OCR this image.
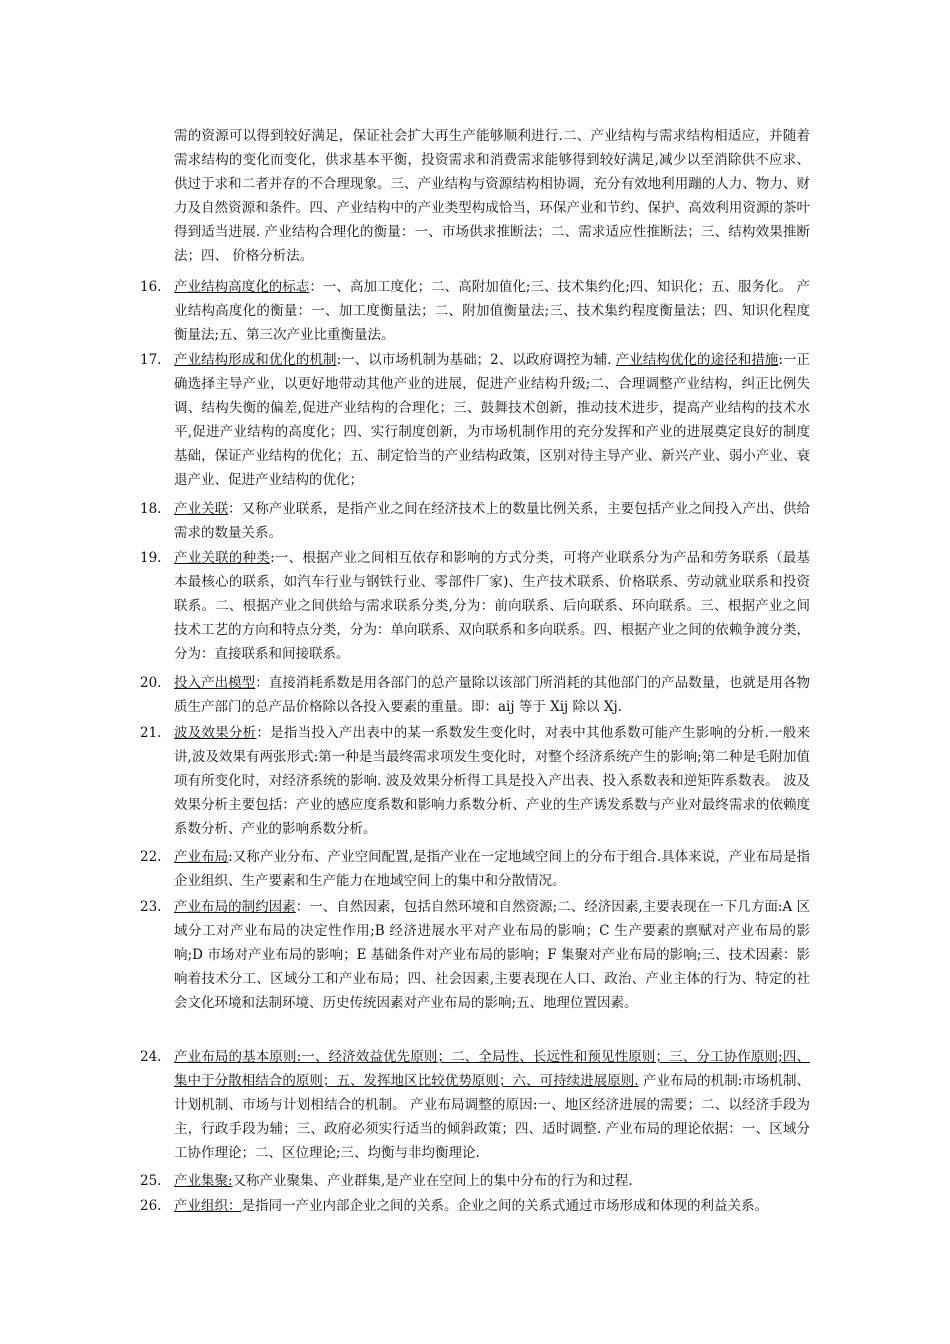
需的资源可以得到较好满足，保证社会扩大再生产能够顺利进行.二、产业结构与需求结构相适应，并随着需求结构的变化而变化，供求基本平衡，投资需求和消费需求能够得到较好满足,减少以至消除供不应求、供过于求和二者并存的不合理现象。三、产业结构与资源结构相协调，充分有效地利用蹦的人力、物力、财力及自然资源和条件。四、产业结构中的产业类型构成恰当，环保产业和节约、保护、高效利用资源的茶叶得到适当进展. 产业结构合理化的衡量：一、市场供求推断法；二、需求适应性推断法；三、结构效果推断法；四、 价格分析法。
16. 产业结构高度化的标志：一、高加工度化；二、高附加值化;三、技术集约化;四、知识化；五、服务化。 产业结构高度化的衡量：一、加工度衡量法；二、附加值衡量法;三、技术集约程度衡量法；四、知识化程度衡量法;五、第三次产业比重衡量法。
17. 产业结构形成和优化的机制:一、以市场机制为基础；2、以政府调控为辅. 产业结构优化的途径和措施:一正确选择主导产业，以更好地带动其他产业的进展，促进产业结构升级;二、合理调整产业结构，纠正比例失调、结构失衡的偏差,促进产业结构的合理化；三、鼓舞技术创新，推动技术进步，提高产业结构的技术水平,促进产业结构的高度化；四、实行制度创新，为市场机制作用的充分发挥和产业的进展奠定良好的制度基础，保证产业结构的优化；五、制定恰当的产业结构政策，区别对待主导产业、新兴产业、弱小产业、衰退产业、促进产业结构的优化；
18. 产业关联：又称产业联系，是指产业之间在经济技术上的数量比例关系，主要包括产业之间投入产出、供给需求的数量关系。
19. 产业关联的种类:一、根据产业之间相互依存和影响的方式分类，可将产业联系分为产品和劳务联系（最基本最核心的联系，如汽车行业与钢铁行业、零部件厂家)、生产技术联系、价格联系、劳动就业联系和投资联系。二、根据产业之间供给与需求联系分类,分为：前向联系、后向联系、环向联系。三、根据产业之间技术工艺的方向和特点分类，分为：单向联系、双向联系和多向联系。四、根据产业之间的依赖争渡分类，分为：直接联系和间接联系。
20. 投入产出模型：直接消耗系数是用各部门的总产量除以该部门所消耗的其他部门的产品数量，也就是用各物质生产部门的总产品价格除以各投入要素的重量。即：aij 等于 Xij 除以 Xj.
21. 波及效果分析：是指当投入产出表中的某一系数发生变化时，对表中其他系数可能产生影响的分析.一般来讲,波及效果有两张形式:第一种是当最终需求项发生变化时，对整个经济系统产生的影响;第二种是毛附加值项有所变化时，对经济系统的影响. 波及效果分析得工具是投入产出表、投入系数表和逆矩阵系数表。 波及效果分析主要包括：产业的感应度系数和影响力系数分析、产业的生产诱发系数与产业对最终需求的依赖度系数分析、产业的影响系数分析。
22. 产业布局:又称产业分布、产业空间配置,是指产业在一定地域空间上的分布于组合.具体来说，产业布局是指企业组织、生产要素和生产能力在地域空间上的集中和分散情况。
23. 产业布局的制约因素：一、自然因素，包括自然环境和自然资源;二、经济因素,主要表现在一下几方面:A 区域分工对产业布局的决定性作用;B 经济进展水平对产业布局的影响；C 生产要素的禀赋对产业布局的影响;D 市场对产业布局的影响；E 基础条件对产业布局的影响；F 集聚对产业布局的影响;三、技术因素：影响着技术分工、区域分工和产业布局；四、社会因素,主要表现在人口、政治、产业主体的行为、特定的社会文化环境和法制环境、历史传统因素对产业布局的影响;五、地理位置因素。
24. 产业布局的基本原则:一、经济效益优先原则；二、全局性、长远性和预见性原则；三、分工协作原则;四、集中于分散相结合的原则；五、发挥地区比较优势原则；六、可持续进展原则. 产业布局的机制:市场机制、计划机制、市场与计划相结合的机制。 产业布局调整的原因:一、地区经济进展的需要；二、以经济手段为主，行政手段为辅；三、政府必须实行适当的倾斜政策；四、适时调整. 产业布局的理论依据：一、区域分工协作理论；二、区位理论;三、均衡与非均衡理论.
25. 产业集聚:又称产业聚集、产业群集,是产业在空间上的集中分布的行为和过程.
26. 产业组织：是指同一产业内部企业之间的关系。企业之间的关系式通过市场形成和体现的利益关系。
